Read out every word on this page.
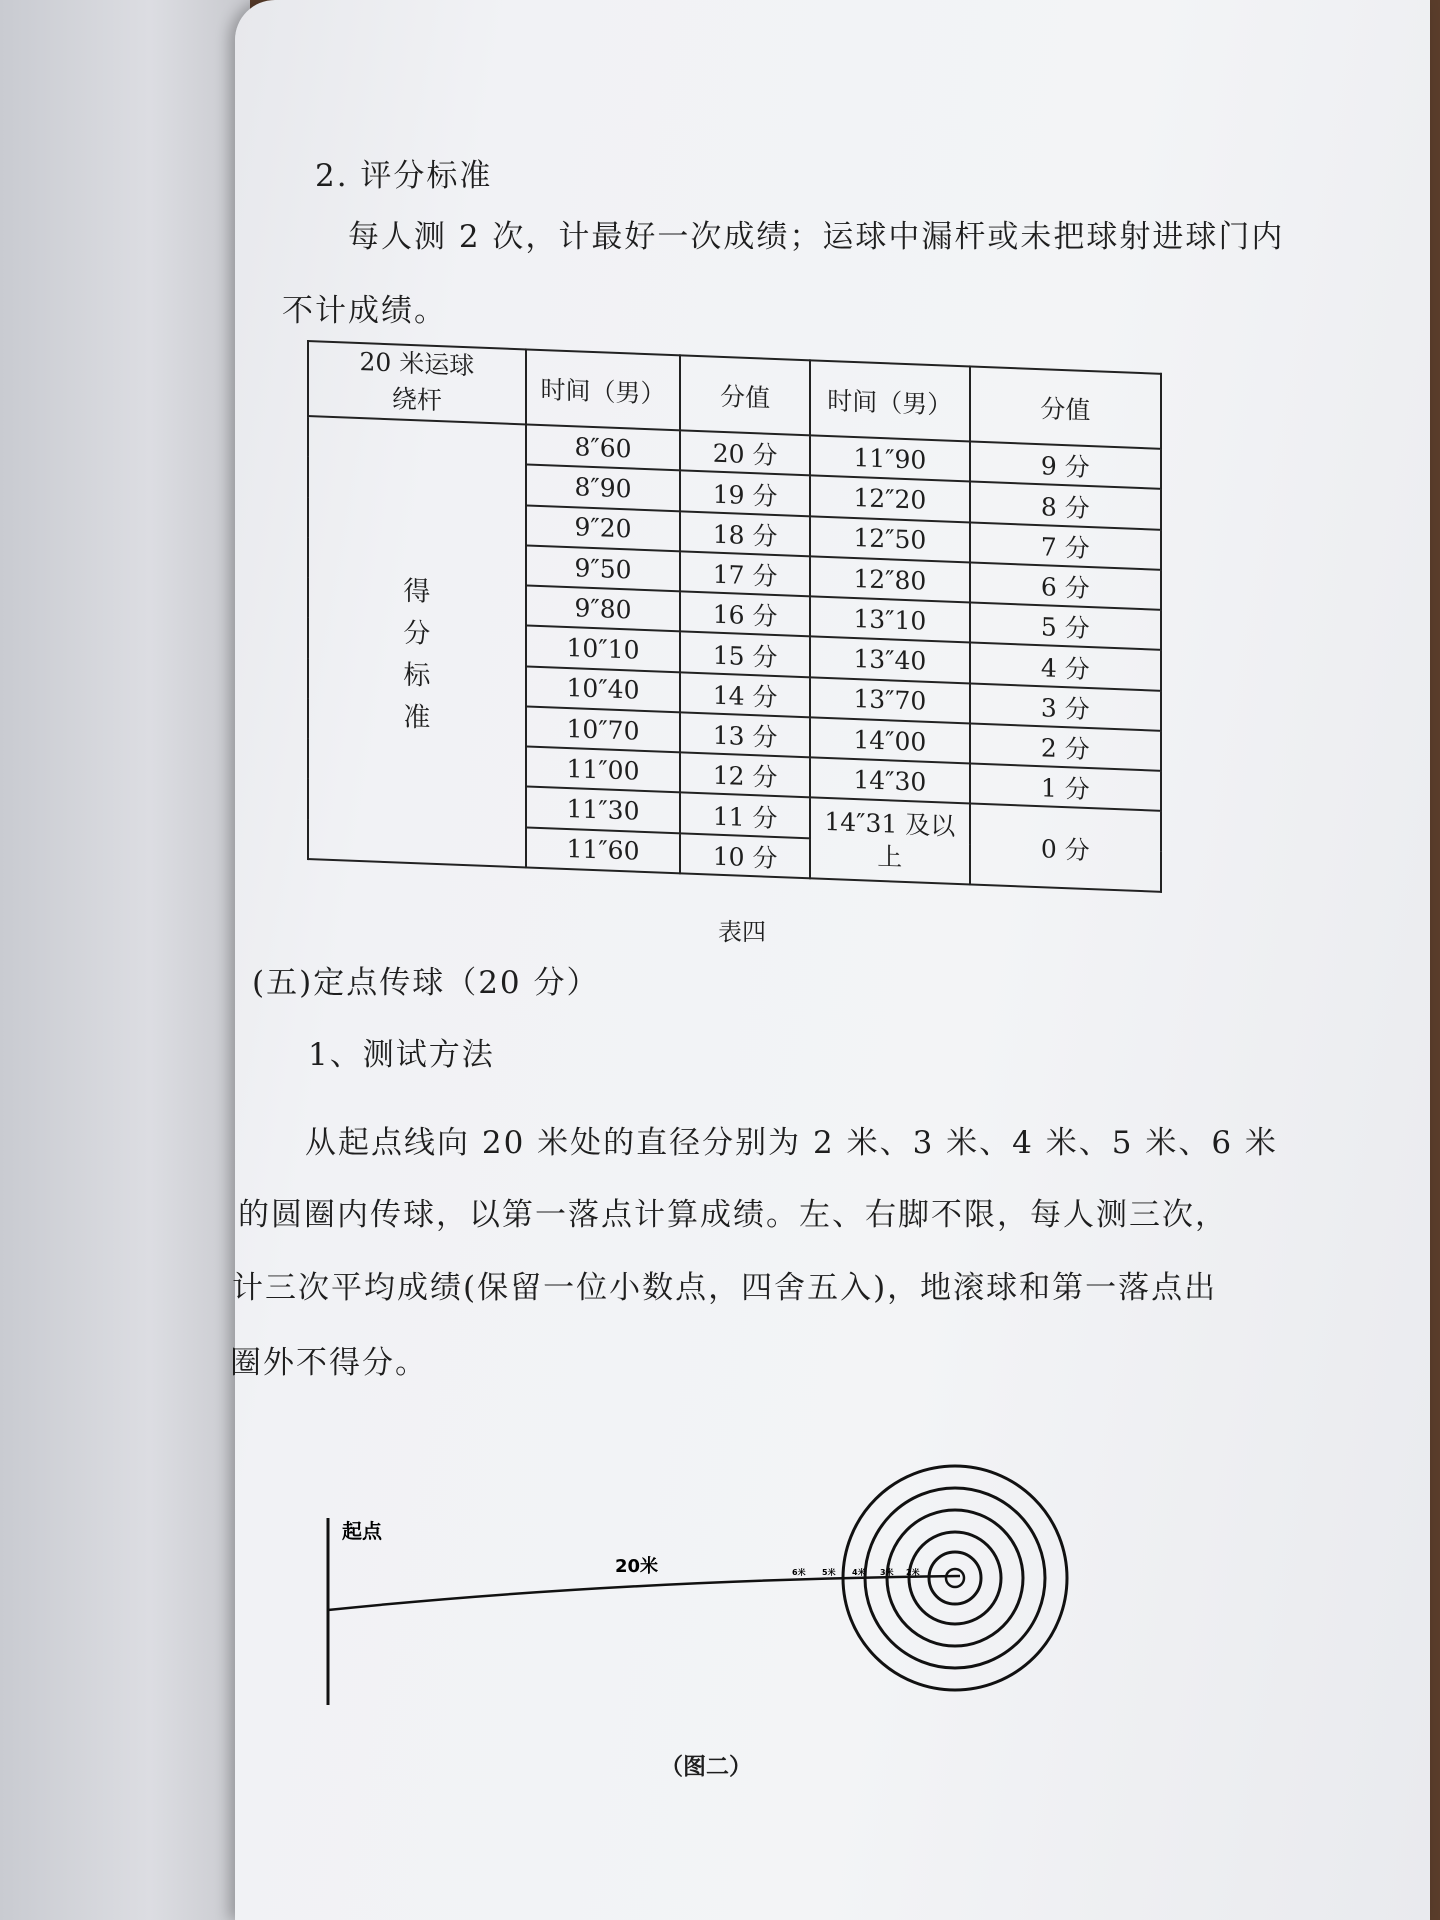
2. 评分标准
每人测 2 次，计最好一次成绩；运球中漏杆或未把球射进球门内
不计成绩。
20 米运球绕杆	时间（男）	分值	时间（男）	分值
得分标准	8″60	20 分	11″90	9 分
	8″90	19 分	12″20	8 分
	9″20	18 分	12″50	7 分
	9″50	17 分	12″80	6 分
	9″80	16 分	13″10	5 分
	10″10	15 分	13″40	4 分
	10″40	14 分	13″70	3 分
	10″70	13 分	14″00	2 分
	11″00	12 分	14″30	1 分
	11″30	11 分	14″31 及以上	0 分
	11″60	10 分		
表四
(五)定点传球（20 分）
1、测试方法
从起点线向 20 米处的直径分别为 2 米、3 米、4 米、5 米、6 米
的圆圈内传球，以第一落点计算成绩。左、右脚不限，每人测三次，
计三次平均成绩(保留一位小数点，四舍五入)，地滚球和第一落点出
圈外不得分。
起点
20米	6米 5米 4米 3米 2米
（图二）
